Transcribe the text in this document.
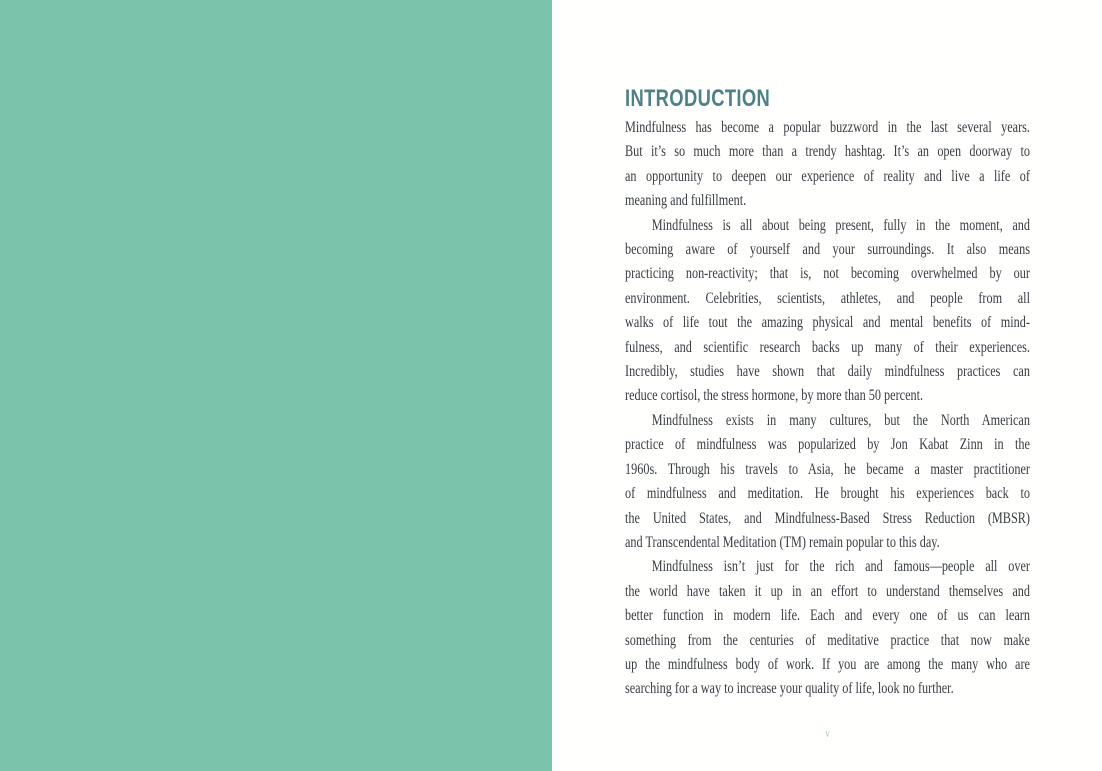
INTRODUCTION

Mindfulness has become a popular buzzword in the last several years.
But it’s so much more than a trendy hashtag. It’s an open doorway to
an opportunity to deepen our experience of reality and live a life of
meaning and fulfillment.

Mindfulness is all about being present, fully in the moment, and
becoming aware of yourself and your surroundings. It also means
practicing non-reactivity; that is, not becoming overwhelmed by our
environment. Celebrities, scientists, athletes, and people from all
walks of life tout the amazing physical and mental benefits of mind-
fulness, and scientific research backs up many of their experiences.
Incredibly, studies have shown that daily mindfulness practices can
reduce cortisol, the stress hormone, by more than 50 percent.

Mindfulness exists in many cultures, but the North American
practice of mindfulness was popularized by Jon Kabat Zinn in the
1960s. Through his travels to Asia, he became a master practitioner
of mindfulness and meditation. He brought his experiences back to
the United States, and Mindfulness-Based Stress Reduction (MBSR)
and Transcendental Meditation (TM) remain popular to this day.

Mindfulness isn’t just for the rich and famous—people all over
the world have taken it up in an effort to understand themselves and
better function in modern life. Each and every one of us can learn
something from the centuries of meditative practice that now make
up the mindfulness body of work. If you are among the many who are
searching for a way to increase your quality of life, look no further.

v
